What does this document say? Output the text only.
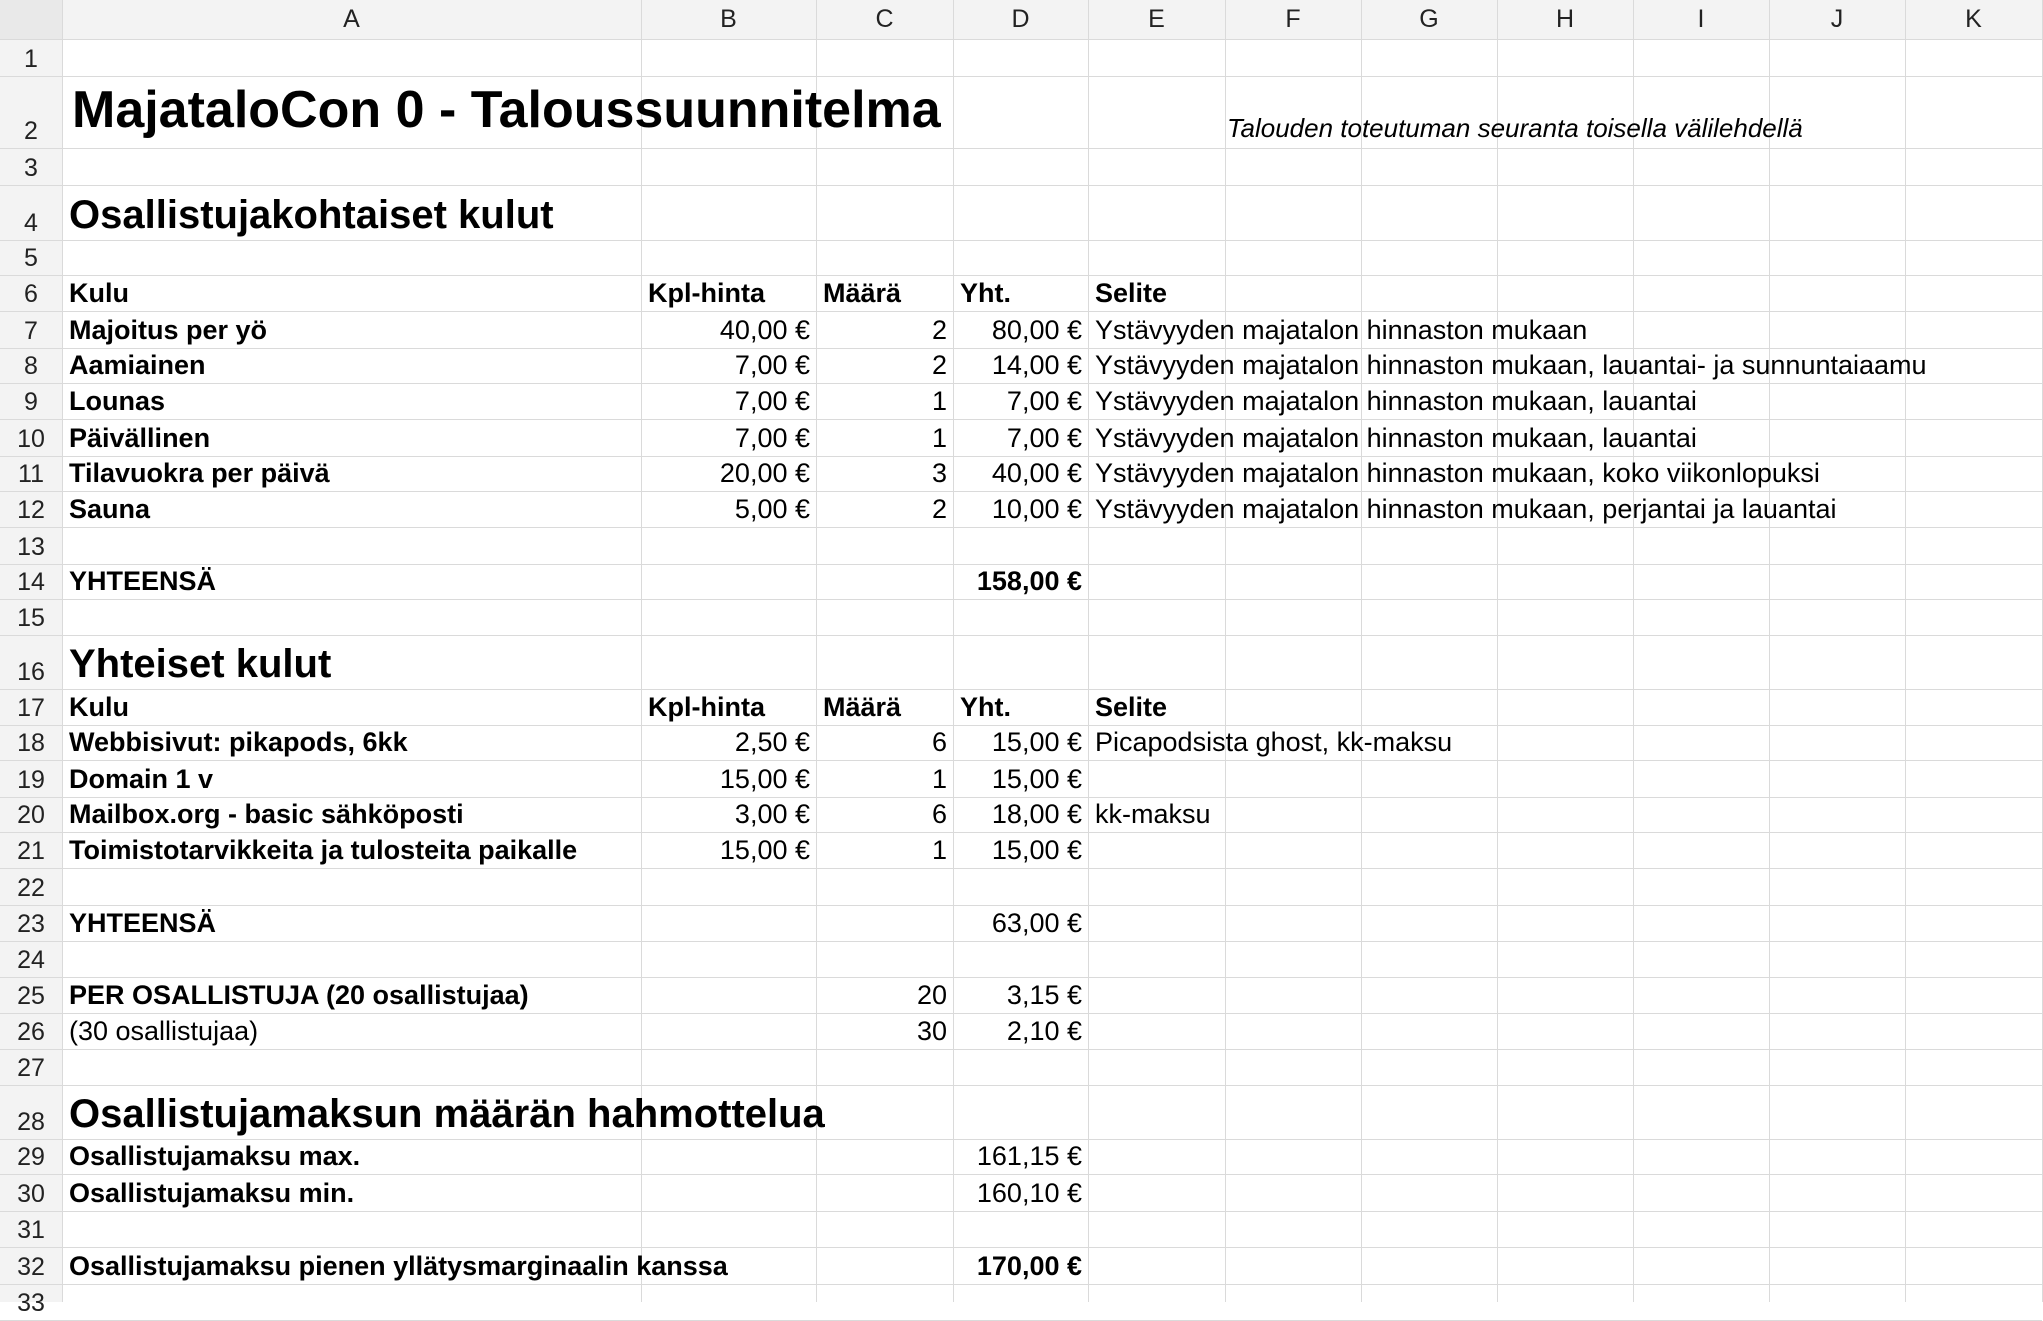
A	B	C	D	E	F	G	H	I	J	K
1
2
3
4
5
6
7
8
9
10
11
12
13
14
15
16
17
18
19
20
21
22
23
24
25
26
27
28
29
30
31
32
33
MajataloCon 0 - Taloussuunnitelma	Talouden toteutuman seuranta toisella välilehdellä
Osallistujakohtaiset kulut
Kulu	Kpl-hinta	Määrä	Yht.	Selite
Majoitus per yö	40,00 €	2	80,00 € Ystävyyden majatalon hinnaston mukaan
Aamiainen	7,00 €	2	14,00 € Ystävyyden majatalon hinnaston mukaan, lauantai- ja sunnuntaiaamu
Lounas	7,00 €	1	7,00 € Ystävyyden majatalon hinnaston mukaan, lauantai
Päivällinen	7,00 €	1	7,00 € Ystävyyden majatalon hinnaston mukaan, lauantai
Tilavuokra per päivä	20,00 €	3	40,00 € Ystävyyden majatalon hinnaston mukaan, koko viikonlopuksi
Sauna	5,00 €	2	10,00 € Ystävyyden majatalon hinnaston mukaan, perjantai ja lauantai
YHTEENSÄ	158,00 €
Yhteiset kulut
Kulu	Kpl-hinta	Määrä	Yht.	Selite
Webbisivut: pikapods, 6kk	2,50 €	6	15,00 € Picapodsista ghost, kk-maksu
Domain 1 v	15,00 €	1	15,00 €
Mailbox.org - basic sähköposti	3,00 €	6	18,00 € kk-maksu
Toimistotarvikkeita ja tulosteita paikalle	15,00 €	1	15,00 €
YHTEENSÄ	63,00 €
PER OSALLISTUJA (20 osallistujaa)	20	3,15 €
(30 osallistujaa)	30	2,10 €
Osallistujamaksun määrän hahmottelua
Osallistujamaksu max.	161,15 €
Osallistujamaksu min.	160,10 €
Osallistujamaksu pienen yllätysmarginaalin kanssa	170,00 €
